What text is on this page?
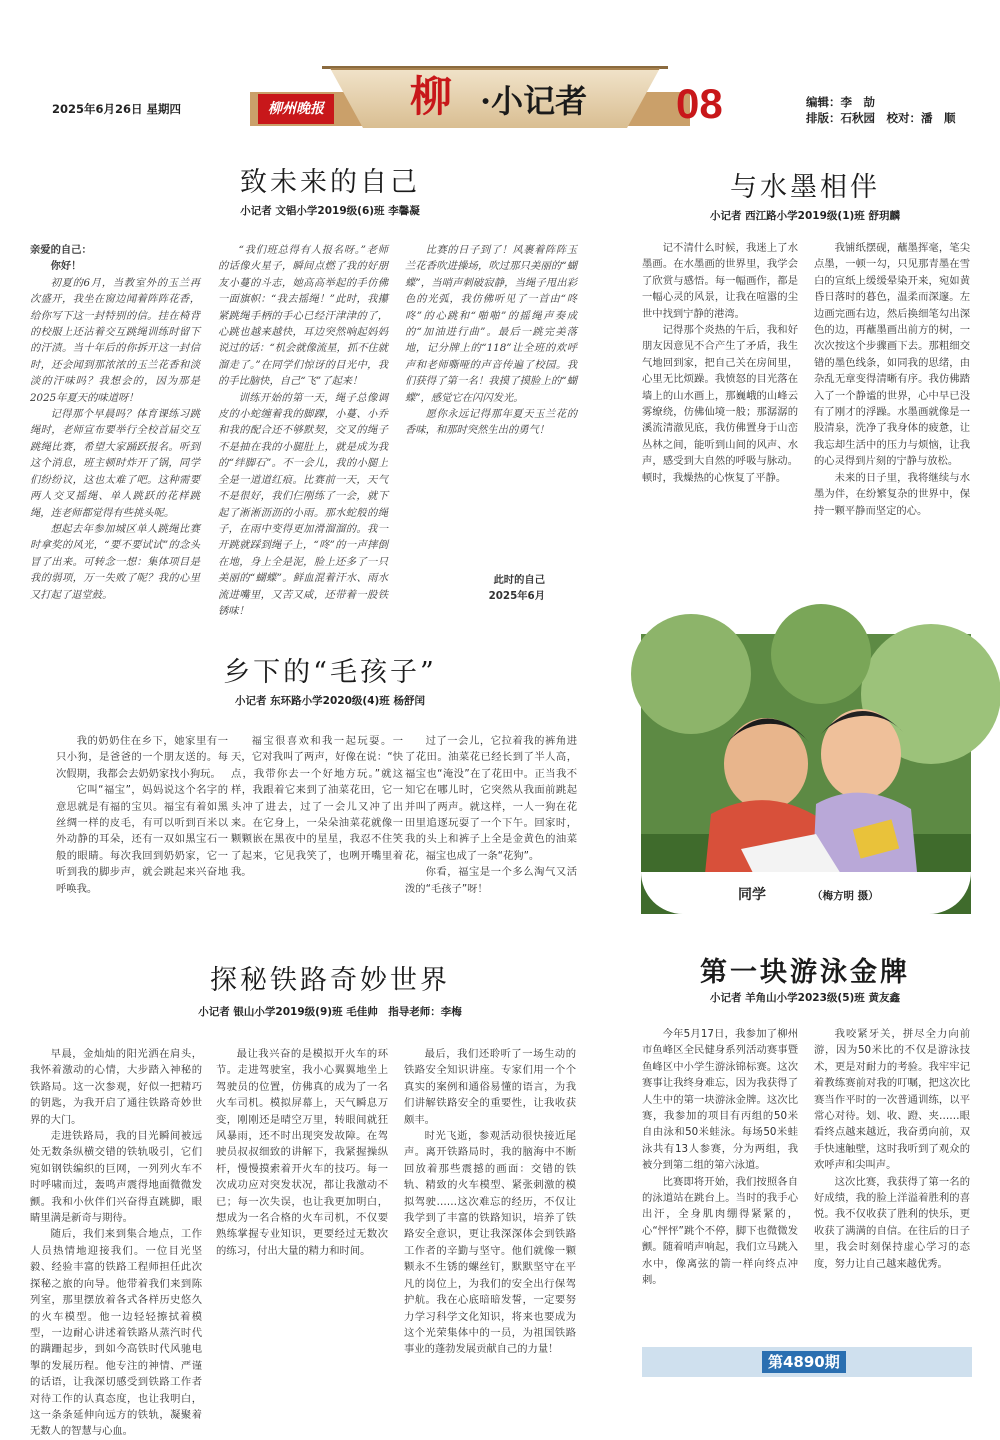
2025年6月26日 星期四	柳州晚报 柳 ·小记者 08	编辑：李　劼
排版：石秋园　校对：潘　顺
致未来的自己
小记者 文锠小学2019级(6)班 李馨凝

亲爱的自己：

你好！

初夏的6月，当教室外的玉兰再次盛开，我坐在窗边闻着阵阵花香，给你写下这一封特别的信。挂在椅背的校服上还沾着交互跳绳训练时留下的汗渍。当十年后的你拆开这一封信时，还会闻到那浓浓的玉兰花香和淡淡的汗味吗？我想会的，因为那是2025年夏天的味道呀！

记得那个早晨吗？体育课练习跳绳时，老师宣布要举行全校首届交互跳绳比赛，希望大家踊跃报名。听到这个消息，班主顿时炸开了锅，同学们纷纷议，这也太难了吧。这种需要两人交叉摇绳、单人跳跃的花样跳绳，连老师都觉得有些挑头呢。

想起去年参加城区单人跳绳比赛时拿奖的风光，“要不要试试”的念头冒了出来。可转念一想：集体项目是我的弱项，万一失败了呢？我的心里又打起了退堂鼓。

“我们班总得有人报名呀。”老师的话像火星子，瞬间点燃了我的好朋友小蔓的斗志，她高高举起的手仿佛一面旗帜：“我去摇绳！”此时，我攥紧跳绳手柄的手心已经汗津津的了，心跳也越来越快，耳边突然响起妈妈说过的话：“机会就像流星，抓不住就溜走了。”在同学们惊讶的目光中，我的手比脑快，自己“飞”了起来！

训练开始的第一天，绳子总像调皮的小蛇缠着我的脚踝，小蔓、小乔和我的配合还不够默契，交叉的绳子不是抽在我的小腿肚上，就是成为我的“绊脚石”。不一会儿，我的小腿上全是一道道红痕。比赛前一天，天气不是很好，我们仨刚练了一会，就下起了淅淅沥沥的小雨。那水蛇般的绳子，在雨中变得更加滑溜溜的。我一开跳就踩到绳子上，“咚”的一声摔倒在地，身上全是泥，脸上还多了一只美丽的“蝴蝶”。鲜血混着汗水、雨水流进嘴里，又苦又咸，还带着一股铁锈味！

比赛的日子到了！风裹着阵阵玉兰花香吹进操场，吹过那只美丽的“蝴蝶”，当哨声刺破寂静，当绳子甩出彩色的光弧，我仿佛听见了一首由“咚咚”的心跳和“啪啪”的摇绳声奏成的“加油进行曲”。最后一跳完美落地，记分牌上的“118”让全班的欢呼声和老师嘶哑的声音传遍了校园。我们获得了第一名！我摸了摸脸上的“蝴蝶”，感觉它在闪闪发光。

愿你永远记得那年夏天玉兰花的香味，和那时突然生出的勇气！

此时的自己
2025年6月
与水墨相伴
小记者 西江路小学2019级(1)班 舒玥麟

记不清什么时候，我迷上了水墨画。在水墨画的世界里，我学会了欣赏与感悟。每一幅画作，都是一幅心灵的风景，让我在喧嚣的尘世中找到宁静的港湾。

记得那个炎热的午后，我和好朋友因意见不合产生了矛盾，我生气地回到家，把自己关在房间里，心里无比烦躁。我愤怒的目光落在墙上的山水画上，那巍峨的山峰云雾缭绕，仿佛仙境一般；那潺潺的溪流清澈见底，我仿佛置身于山峦丛林之间，能听到山间的风声、水声，感受到大自然的呼吸与脉动。顿时，我燥热的心恢复了平静。

我铺纸摆砚，蘸墨挥毫，笔尖点墨，一顿一勾，只见那青墨在雪白的宣纸上缓缓晕染开来，宛如黄昏日落时的暮色，温柔而深邃。左边画完画右边，然后换细笔勾出深色的边，再蘸墨画出前方的树，一次次按这个步骤画下去。那粗细交错的墨色线条，如同我的思绪，由杂乱无章变得清晰有序。我仿佛踏入了一个静谧的世界，心中早已没有了刚才的浮躁。水墨画就像是一股清泉，洗净了我身体的疲惫，让我忘却生活中的压力与烦恼，让我的心灵得到片刻的宁静与放松。

未来的日子里，我将继续与水墨为伴，在纷繁复杂的世界中，保持一颗平静而坚定的心。

乡下的“毛孩子”
小记者 东环路小学2020级(4)班 杨舒闰

我的奶奶住在乡下，她家里有一只小狗，是爸爸的一个朋友送的。每次假期，我都会去奶奶家找小狗玩。

它叫“福宝”，妈妈说这个名字的意思就是有福的宝贝。福宝有着如黑丝绸一样的皮毛，有可以听到百米以外动静的耳朵，还有一双如黑宝石一般的眼睛。每次我回到奶奶家，它一听到我的脚步声，就会跳起来兴奋地呼唤我。

福宝很喜欢和我一起玩耍。一天，它对我叫了两声，好像在说：“快点，我带你去一个好地方玩。”就这样，我跟着它来到了油菜花田，它一头冲了进去，过了一会儿又冲了出来。在它身上，一朵朵油菜花就像一颗颗嵌在黑夜中的星星，我忍不住笑了起来，它见我笑了，也咧开嘴里着我。

过了一会儿，它拉着我的裤角进了花田。油菜花已经长到了半人高，福宝也“淹没”在了花田中。正当我不知它在哪儿时，它突然从我面前跳起并叫了两声。就这样，一人一狗在花田里追逐玩耍了一个下午。回家时，我的头上和裤子上全是金黄色的油菜花，福宝也成了一条“花狗”。

你看，福宝是一个多么淘气又活泼的“毛孩子”呀！	同学	（梅方明 摄）
探秘铁路奇妙世界
小记者 银山小学2019级(9)班 毛佳帅　指导老师：李梅

早晨，金灿灿的阳光洒在肩头，我怀着激动的心情，大步踏入神秘的铁路局。这一次参观，好似一把精巧的钥匙，为我开启了通往铁路奇妙世界的大门。

走进铁路局，我的目光瞬间被远处无数条纵横交错的铁轨吸引，它们宛如钢铁编织的巨网，一列列火车不时呼啸而过，轰鸣声震得地面微微发颤。我和小伙伴们兴奋得直跳脚，眼睛里满是新奇与期待。

随后，我们来到集合地点，工作人员热情地迎接我们。一位目光坚毅、经验丰富的铁路工程师担任此次探秘之旅的向导。他带着我们来到陈列室，那里摆放着各式各样历史悠久的火车模型。他一边轻轻擦拭着模型，一边耐心讲述着铁路从蒸汽时代的蹒跚起步，到如今高铁时代风驰电掣的发展历程。他专注的神情、严谨的话语，让我深切感受到铁路工作者对待工作的认真态度，也让我明白，这一条条延伸向远方的铁轨，凝聚着无数人的智慧与心血。

最让我兴奋的是模拟开火车的环节。走进驾驶室，我小心翼翼地坐上驾驶员的位置，仿佛真的成为了一名火车司机。模拟屏幕上，天气瞬息万变，刚刚还是晴空万里，转眼间就狂风暴雨，还不时出现突发故障。在驾驶员叔叔细致的讲解下，我紧握操纵杆，慢慢摸索着开火车的技巧。每一次成功应对突发状况，都让我激动不已；每一次失误，也让我更加明白，想成为一名合格的火车司机，不仅要熟练掌握专业知识，更要经过无数次的练习，付出大量的精力和时间。

最后，我们还聆听了一场生动的铁路安全知识讲座。专家们用一个个真实的案例和通俗易懂的语言，为我们讲解铁路安全的重要性，让我收获颇丰。

时光飞逝，参观活动很快接近尾声。离开铁路局时，我的脑海中不断回放着那些震撼的画面：交错的铁轨、精致的火车模型、紧张刺激的模拟驾驶……这次难忘的经历，不仅让我学到了丰富的铁路知识，培养了铁路安全意识，更让我深深体会到铁路工作者的辛勤与坚守。他们就像一颗颗永不生锈的螺丝钉，默默坚守在平凡的岗位上，为我们的安全出行保驾护航。我在心底暗暗发誓，一定要努力学习科学文化知识，将来也要成为这个光荣集体中的一员，为祖国铁路事业的蓬勃发展贡献自己的力量！

第一块游泳金牌
小记者 羊角山小学2023级(5)班 黄友鑫

今年5月17日，我参加了柳州市鱼峰区全民健身系列活动赛事暨鱼峰区中小学生游泳锦标赛。这次赛事让我终身难忘，因为我获得了人生中的第一块游泳金牌。这次比赛，我参加的项目有丙组的50米自由泳和50米蛙泳。每场50米蛙泳共有13人参赛，分为两组，我被分到第二组的第六泳道。

比赛即将开始，我们按照各自的泳道站在跳台上。当时的我手心出汗，全身肌肉绷得紧紧的，心“怦怦”跳个不停，脚下也微微发颤。随着哨声响起，我们立马跳入水中，像离弦的箭一样向终点冲刺。

我咬紧牙关，拼尽全力向前游，因为50米比的不仅是游泳技术，更是对耐力的考验。我牢牢记着教练赛前对我的叮嘱，把这次比赛当作平时的一次普通训练，以平常心对待。划、收、蹬、夹……眼看终点越来越近，我奋勇向前，双手快速触壁，这时我听到了观众的欢呼声和尖叫声。

这次比赛，我获得了第一名的好成绩，我的脸上洋溢着胜利的喜悦。我不仅收获了胜利的快乐，更收获了满满的自信。在往后的日子里，我会时刻保持虚心学习的态度，努力让自己越来越优秀。

第4890期
